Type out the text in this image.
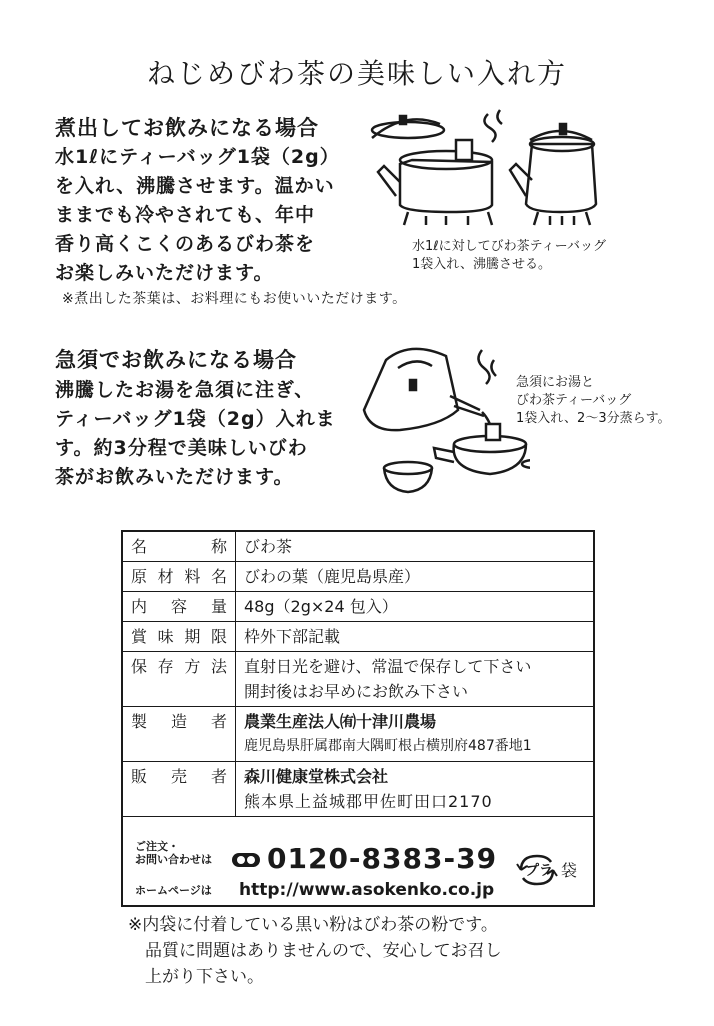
ねじめびわ茶の美味しい入れ方
煮出してお飲みになる場合
水1ℓにティーバッグ1袋（2g）
を入れ、沸騰させます。温かい
ままでも冷やされても、年中
香り高くこくのあるびわ茶を
お楽しみいただけます。
水1ℓに対してびわ茶ティーバッグ
1袋入れ、沸騰させる。
※煮出した茶葉は、お料理にもお使いいただけます。
急須でお飲みになる場合
沸騰したお湯を急須に注ぎ、
ティーバッグ1袋（2g）入れま
す。約3分程で美味しいびわ
茶がお飲みいただけます。
急須にお湯と
びわ茶ティーバッグ
1袋入れ、2～3分蒸らす。
名称	びわ茶
原材料名	びわの葉（鹿児島県産）
内容量	48g（2g×24 包入）
賞味期限	枠外下部記載
保存方法	直射日光を避け、常温で保存して下さい
開封後はお早めにお飲み下さい

製造者	農業生産法人㈲十津川農場
鹿児島県肝属郡南大隅町根占横別府487番地1

販売者	森川健康堂株式会社
熊本県上益城郡甲佐町田口2170
ご注文・
お問い合わせは 0120-8383-39
ホームページは http://www.asokenko.co.jp
プラ 袋
※内袋に付着している黒い粉はびわ茶の粉です。
　品質に問題はありませんので、安心してお召し
　上がり下さい。
